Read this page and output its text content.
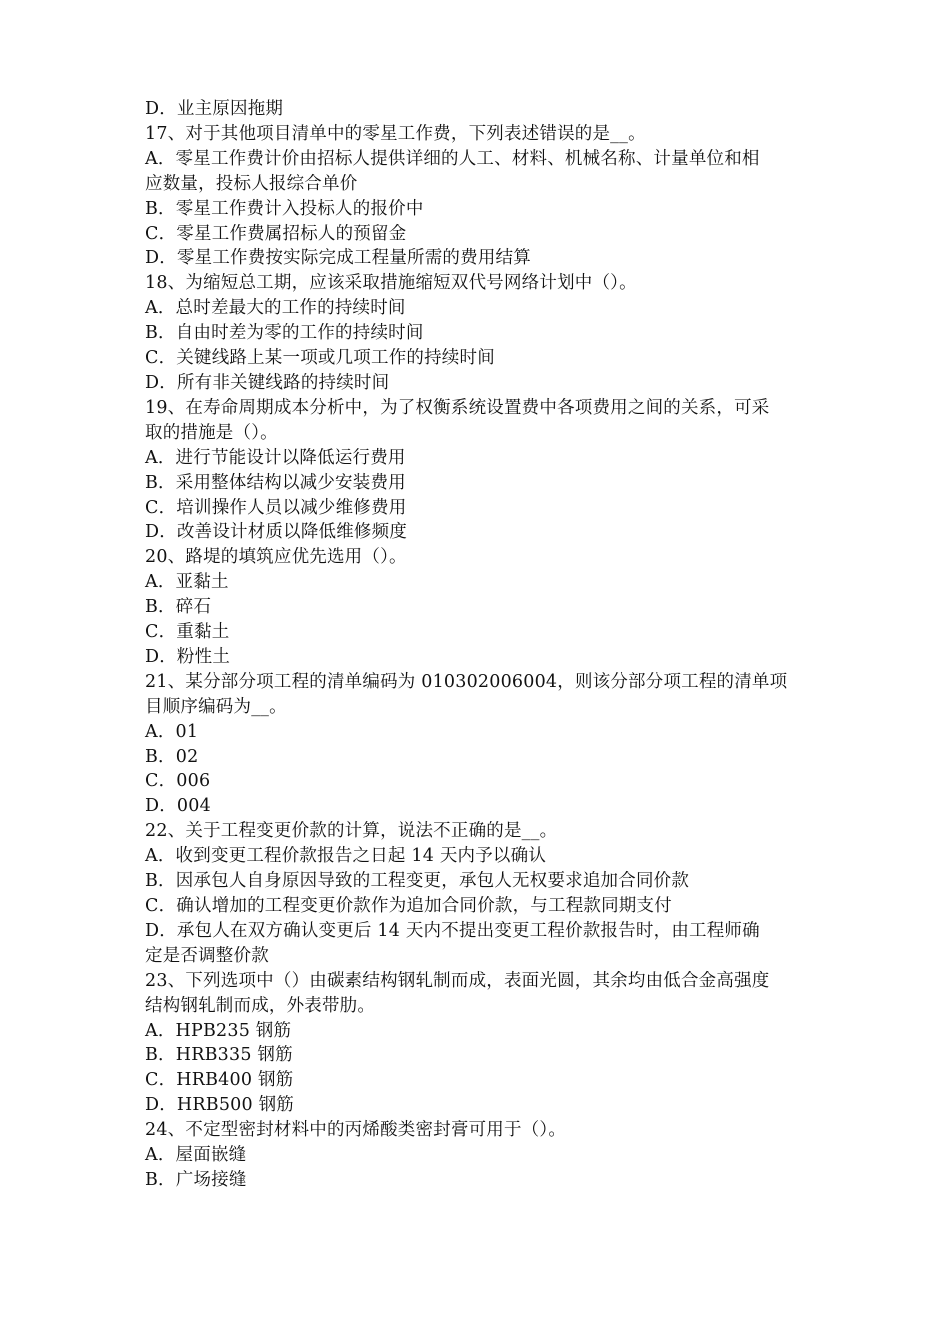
D．业主原因拖期
17、对于其他项目清单中的零星工作费，下列表述错误的是__。
A．零星工作费计价由招标人提供详细的人工、材料、机械名称、计量单位和相
应数量，投标人报综合单价
B．零星工作费计入投标人的报价中
C．零星工作费属招标人的预留金
D．零星工作费按实际完成工程量所需的费用结算
18、为缩短总工期，应该采取措施缩短双代号网络计划中（）。
A．总时差最大的工作的持续时间
B．自由时差为零的工作的持续时间
C．关键线路上某一项或几项工作的持续时间
D．所有非关键线路的持续时间
19、在寿命周期成本分析中，为了权衡系统设置费中各项费用之间的关系，可采
取的措施是（）。
A．进行节能设计以降低运行费用
B．采用整体结构以减少安装费用
C．培训操作人员以减少维修费用
D．改善设计材质以降低维修频度
20、路堤的填筑应优先选用（）。
A．亚黏土
B．碎石
C．重黏土
D．粉性土
21、某分部分项工程的清单编码为 010302006004，则该分部分项工程的清单项
目顺序编码为__。
A．01
B．02
C．006
D．004
22、关于工程变更价款的计算，说法不正确的是__。
A．收到变更工程价款报告之日起 14 天内予以确认
B．因承包人自身原因导致的工程变更，承包人无权要求追加合同价款
C．确认增加的工程变更价款作为追加合同价款，与工程款同期支付
D．承包人在双方确认变更后 14 天内不提出变更工程价款报告时，由工程师确
定是否调整价款
23、下列选项中（）由碳素结构钢轧制而成，表面光圆，其余均由低合金高强度
结构钢轧制而成，外表带肋。
A．HPB235 钢筋
B．HRB335 钢筋
C．HRB400 钢筋
D．HRB500 钢筋
24、不定型密封材料中的丙烯酸类密封膏可用于（）。
A．屋面嵌缝
B．广场接缝
